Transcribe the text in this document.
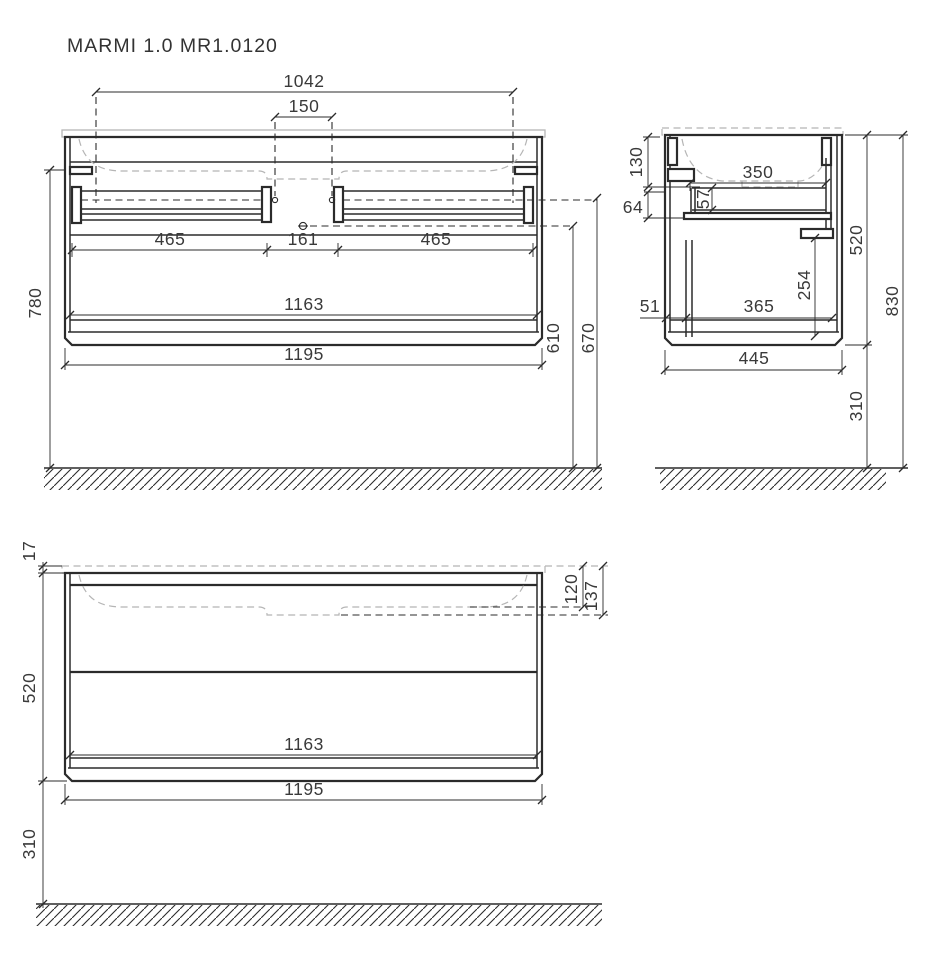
MARMI 1.0 MR1.0120
1042
150
465	161	465
1163
1195
780
610 670
130	350
57
64
51	365
254
445
520
310
830
17
520
310
120 137
1163
1195
